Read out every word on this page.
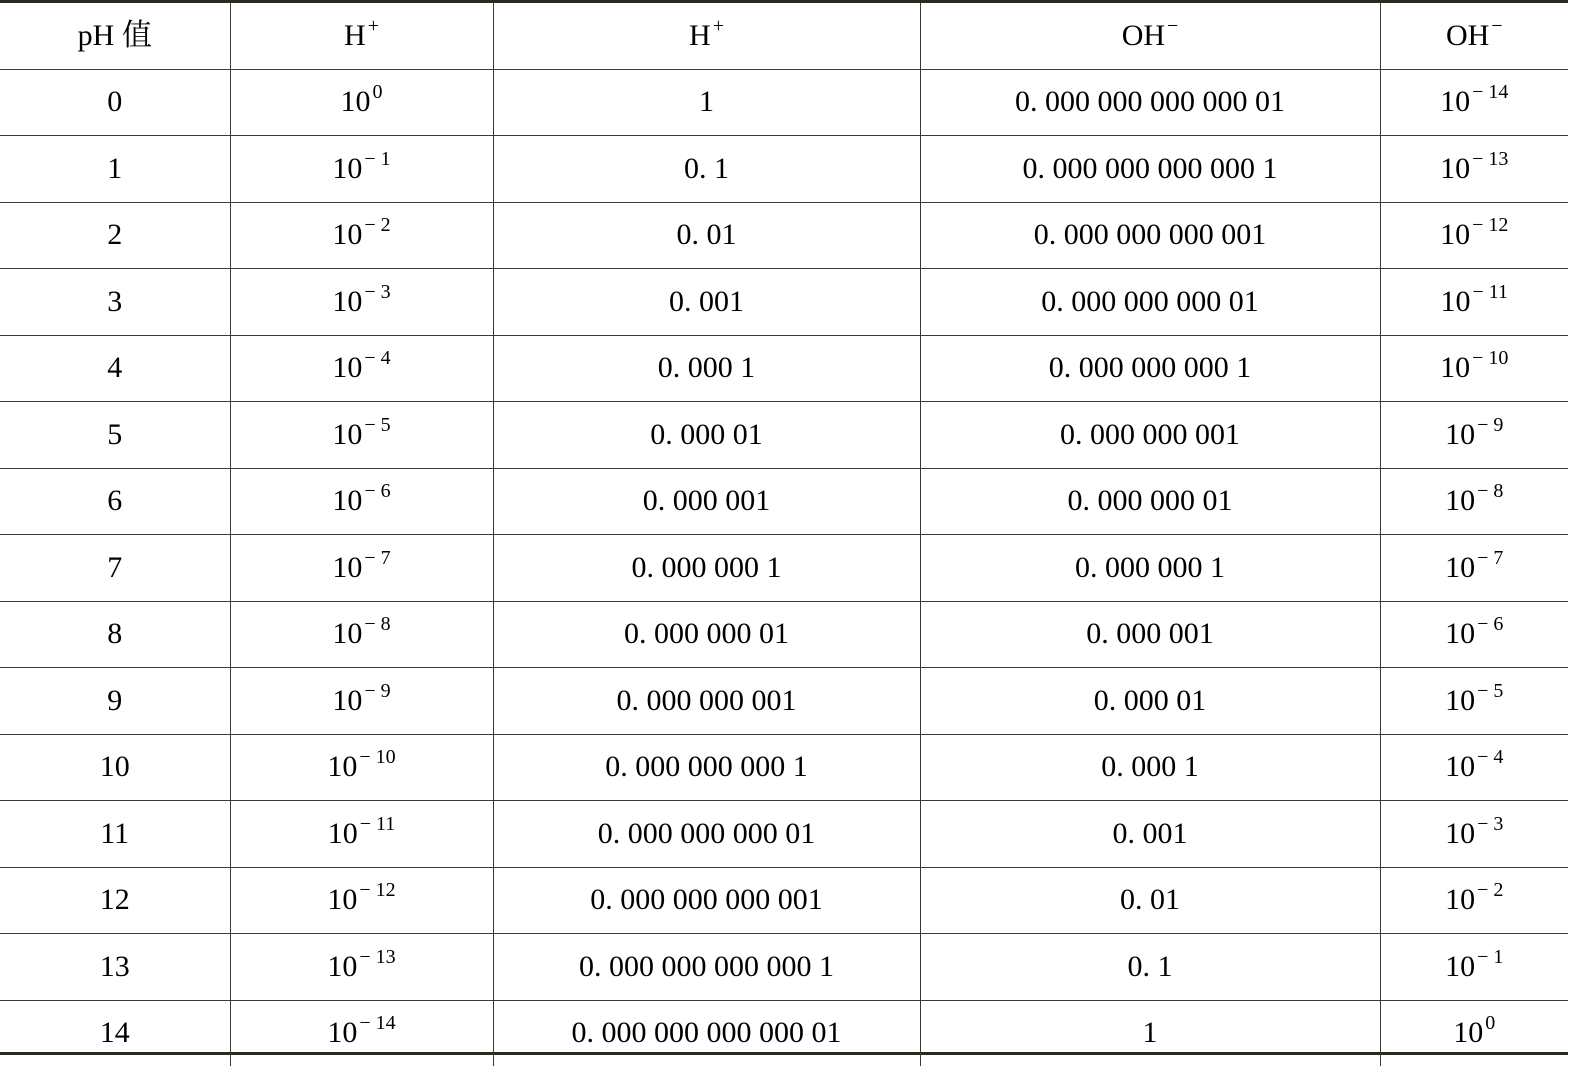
pH 值	H +	H +	OH −	OH −
0	10 $^0$	1	0. 000 000 000 000 01	10 $^{- 14}$
1	10 $^{- 1}$	0. 1	0. 000 000 000 000 1	10 $^{- 13}$
2	10 $^{- 2}$	0. 01	0. 000 000 000 001	10 $^{- 12}$
3	10 $^{- 3}$	0. 001	0. 000 000 000 01	10 $^{- 11}$
4	10 $^{- 4}$	0. 000 1	0. 000 000 000 1	10 $^{- 10}$
5	10 $^{- 5}$	0. 000 01	0. 000 000 001	10 $^{- 9}$
6	10 $^{- 6}$	0. 000 001	0. 000 000 01	10 $^{- 8}$
7	10 $^{- 7}$	0. 000 000 1	0. 000 000 1	10 $^{- 7}$
8	10 $^{- 8}$	0. 000 000 01	0. 000 001	10 $^{- 6}$
9	10 $^{- 9}$	0. 000 000 001	0. 000 01	10 $^{- 5}$
10	10 $^{- 10}$	0. 000 000 000 1	0. 000 1	10 $^{- 4}$
11	10 $^{- 11}$	0. 000 000 000 01	0. 001	10 $^{- 3}$
12	10 $^{- 12}$	0. 000 000 000 001	0. 01	10 $^{- 2}$
13	10 $^{- 13}$	0. 000 000 000 000 1	0. 1	10 $^{- 1}$
14	10 $^{- 14}$	0. 000 000 000 000 01	1	10 $^0$
